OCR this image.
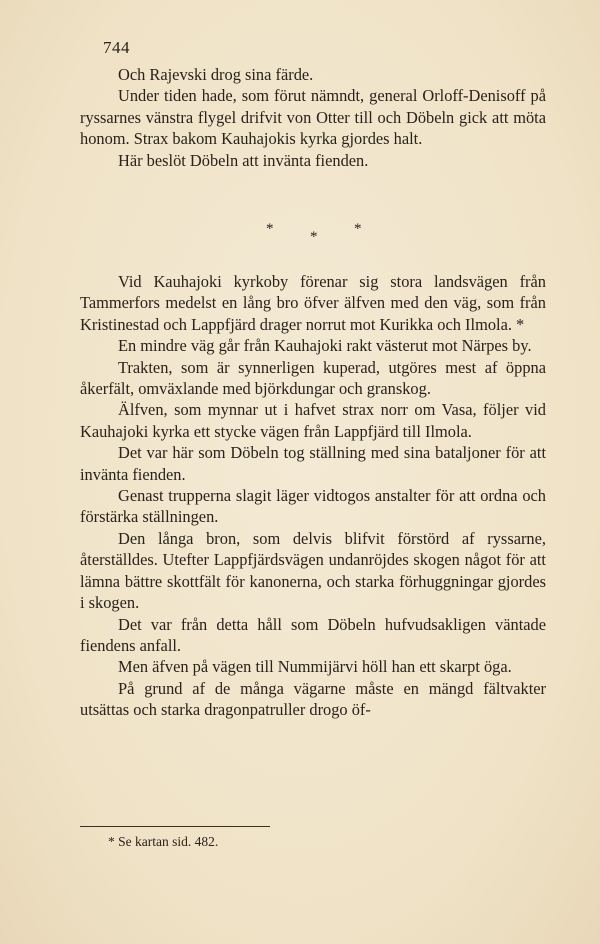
744

Och Rajevski drog sina färde.

Under tiden hade, som förut nämndt, general Orloff-Denisoff på ryssarnes vänstra flygel drifvit von Otter till och Döbeln gick att möta honom. Strax bakom Kauhajokis kyrka gjordes halt.

Här beslöt Döbeln att invänta fienden.

* * *

Vid Kauhajoki kyrkoby förenar sig stora landsvägen från Tammerfors medelst en lång bro öfver älfven med den väg, som från Kristinestad och Lappfjärd drager norrut mot Kurikka och Ilmola. *

En mindre väg går från Kauhajoki rakt västerut mot Närpes by.

Trakten, som är synnerligen kuperad, utgöres mest af öppna åkerfält, omväxlande med björkdungar och granskog.

Älfven, som mynnar ut i hafvet strax norr om Vasa, följer vid Kauhajoki kyrka ett stycke vägen från Lappfjärd till Ilmola.

Det var här som Döbeln tog ställning med sina bataljoner för att invänta fienden.

Genast trupperna slagit läger vidtogos anstalter för att ordna och förstärka ställningen.

Den långa bron, som delvis blifvit förstörd af ryssarne, återställdes. Utefter Lappfjärdsvägen undanröjdes skogen något för att lämna bättre skottfält för kanonerna, och starka förhuggningar gjordes i skogen.

Det var från detta håll som Döbeln hufvudsakligen väntade fiendens anfall.

Men äfven på vägen till Nummijärvi höll han ett skarpt öga.

På grund af de många vägarne måste en mängd fältvakter utsättas och starka dragonpatruller drogo öf-

* Se kartan sid. 482.
